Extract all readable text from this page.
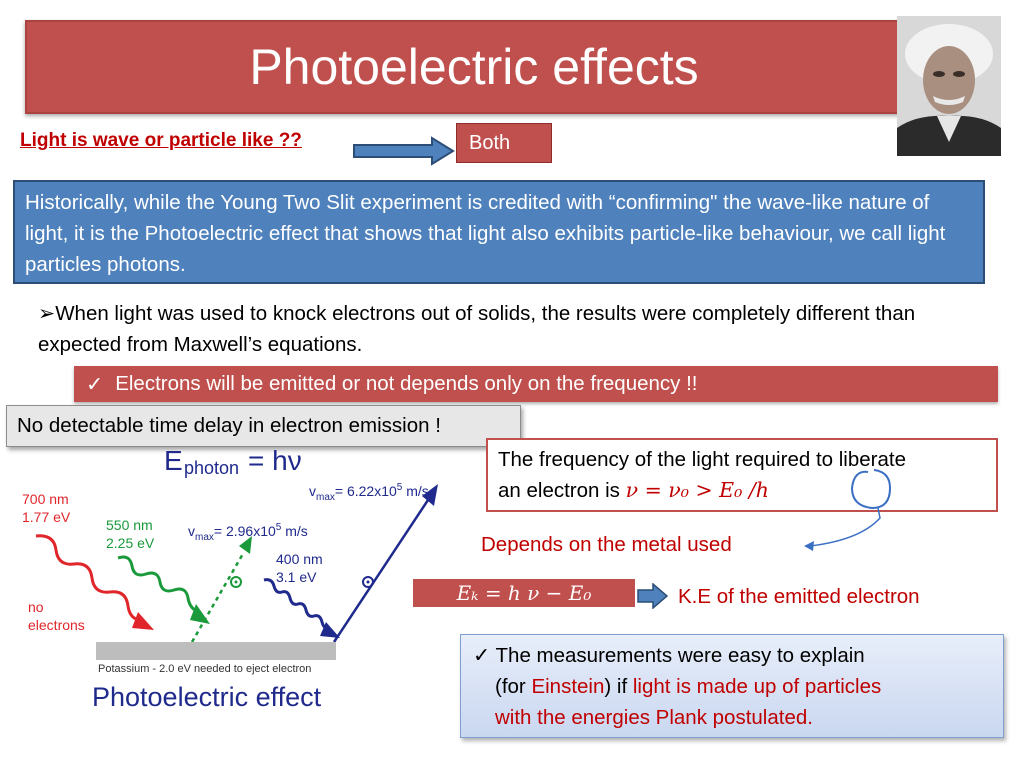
Photoelectric effects
Light is wave or particle like ??	Both
Historically, while the Young Two Slit experiment is credited with “confirming" the wave-like nature of light, it is the Photoelectric effect that shows that light also exhibits particle-like behaviour, we call light particles photons.
➢When light was used to knock electrons out of solids, the results were completely different than expected from Maxwell’s equations.
✓ Electrons will be emitted or not depends only on the frequency !!
No detectable time delay in electron emission !
The frequency of the light required to liberate
an electron is ν = ν₀ > E₀ /h
Depends on the metal used
Eₖ = h ν − E₀	K.E of the emitted electron
✓ The measurements were easy to explain
(for Einstein) if light is made up of particles
with the energies Plank postulated.
E photon = hν
$v_{max}= 6.22x10^5$ m/s
$v_{max}= 2.96x10^5$ m/s
700 nm
1.77 eV	550 nm
2.25 eV
400 nm
3.1 eV
no
electrons
Potassium - 2.0 eV needed to eject electron
Photoelectric effect
